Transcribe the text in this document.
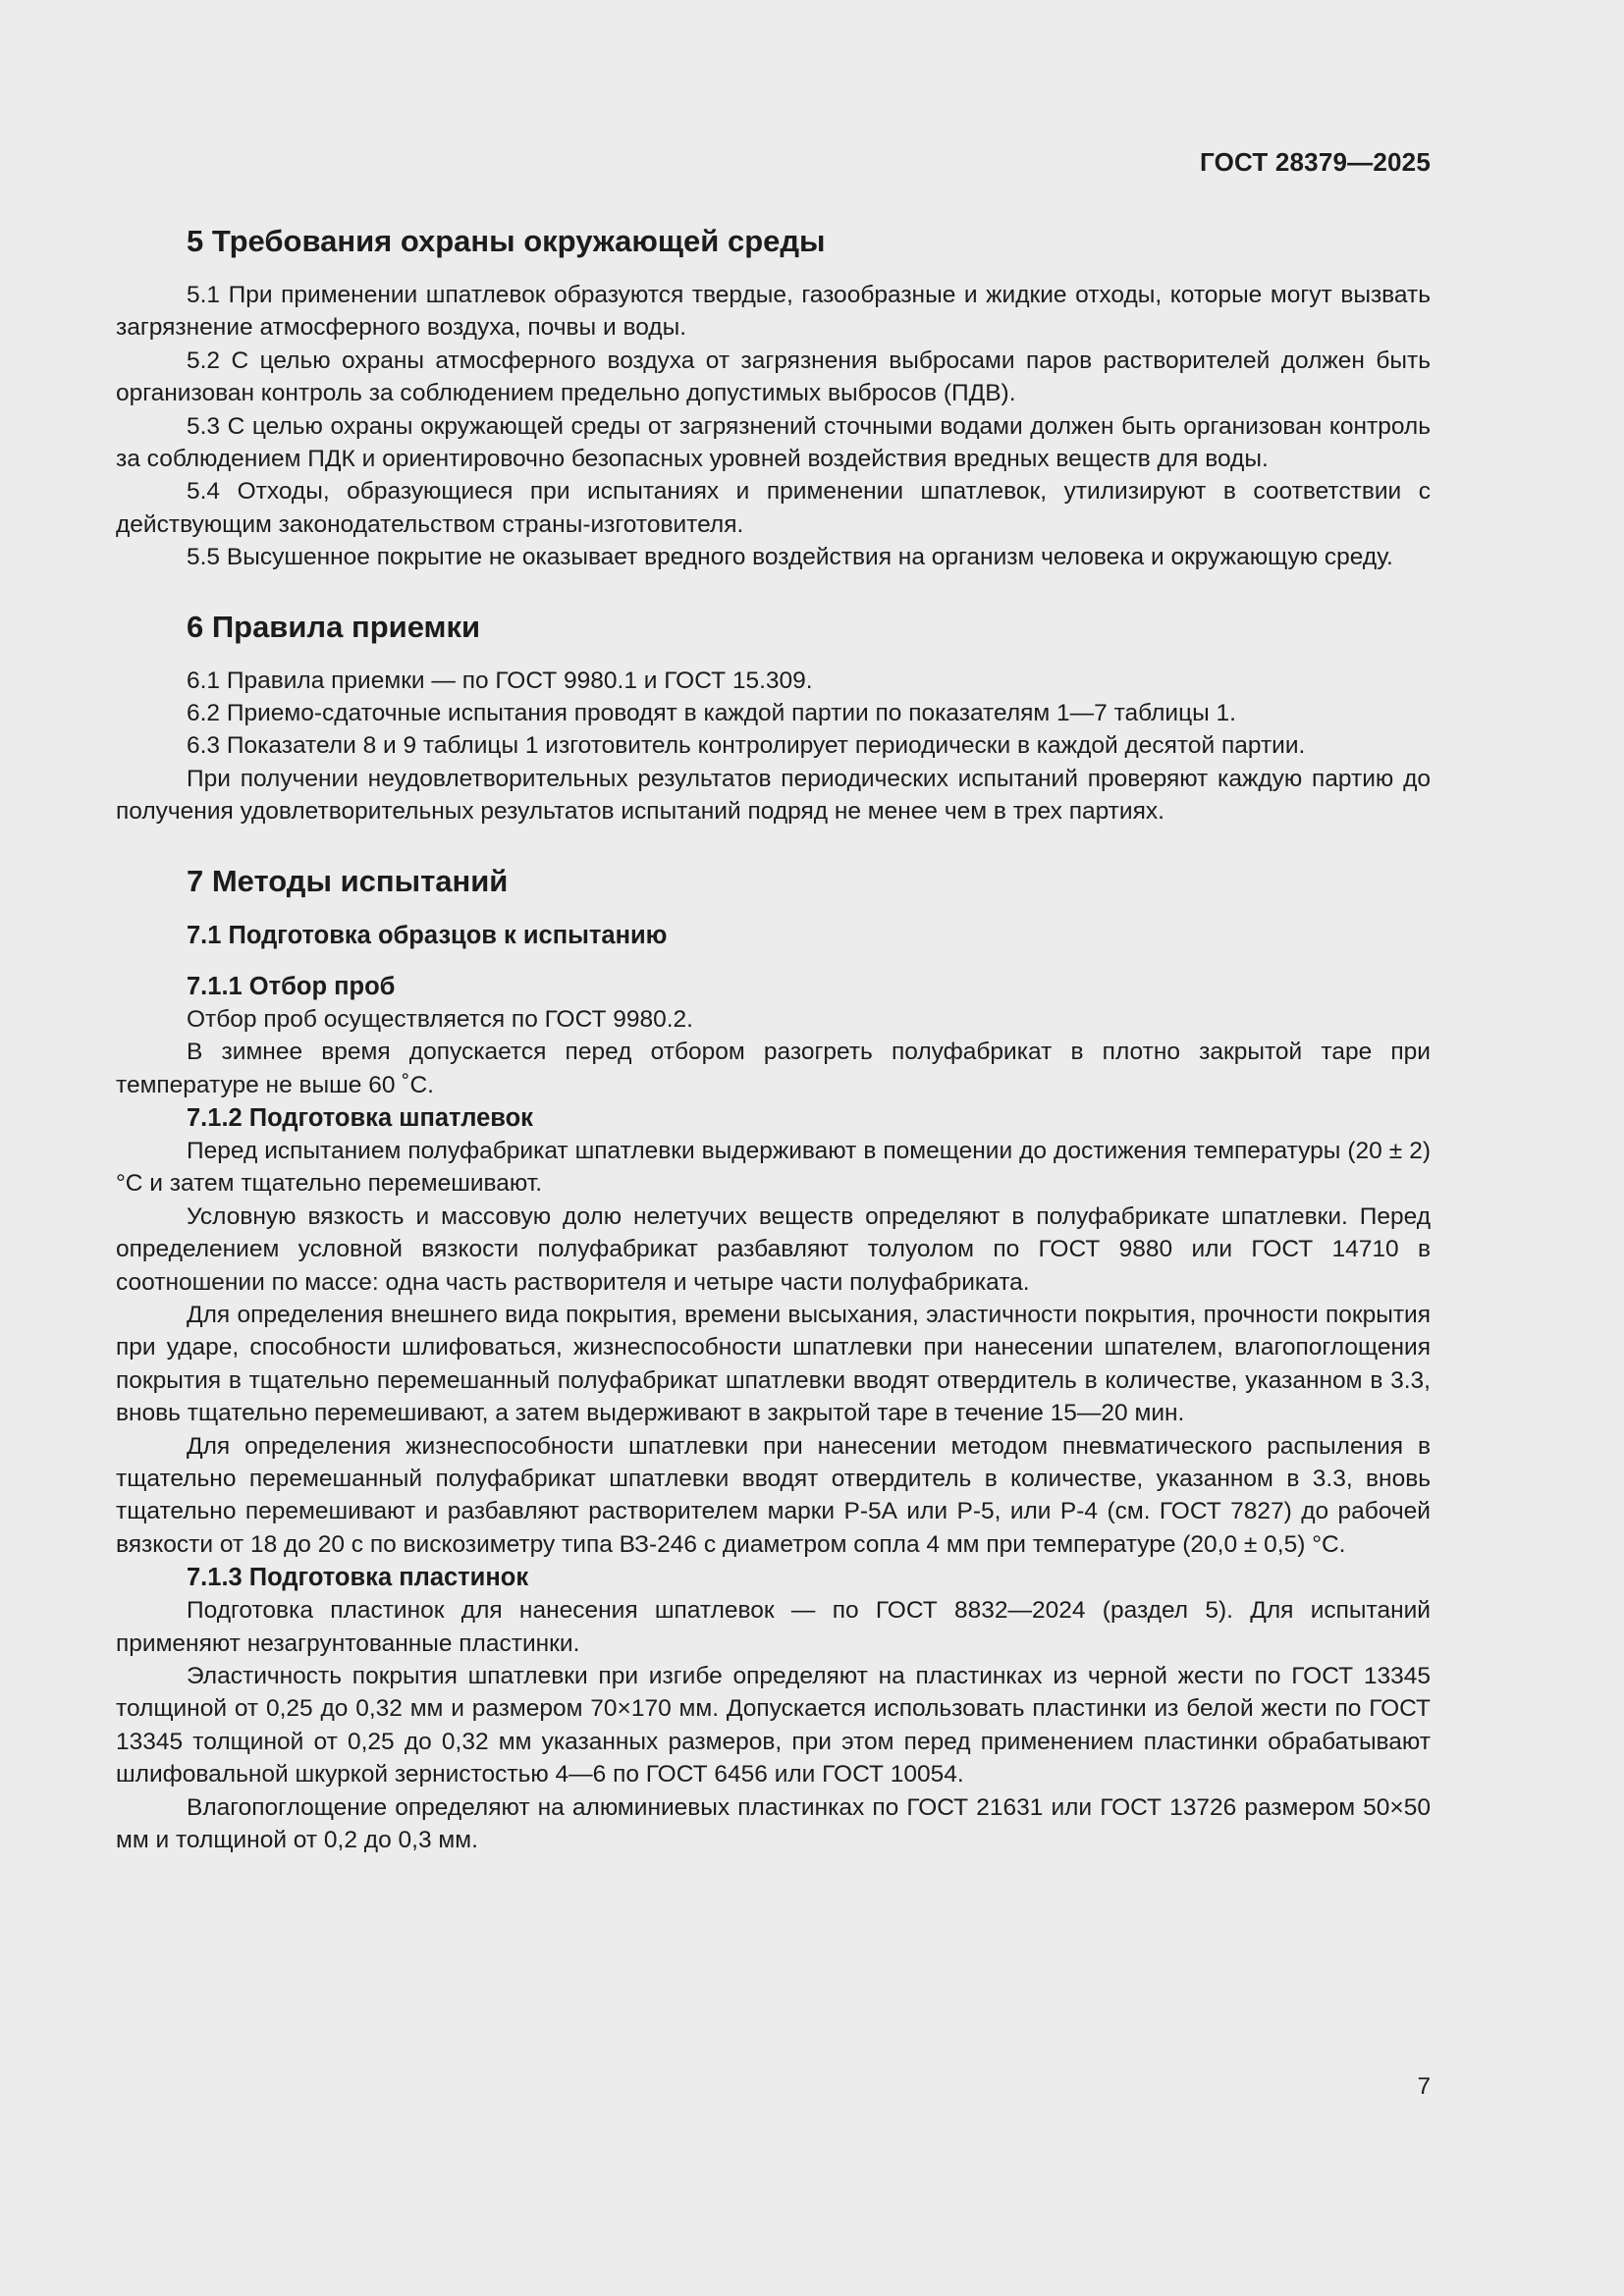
ГОСТ 28379—2025
5 Требования охраны окружающей среды

5.1 При применении шпатлевок образуются твердые, газообразные и жидкие отходы, которые могут вызвать загрязнение атмосферного воздуха, почвы и воды.

5.2 С целью охраны атмосферного воздуха от загрязнения выбросами паров растворителей должен быть организован контроль за соблюдением предельно допустимых выбросов (ПДВ).

5.3 С целью охраны окружающей среды от загрязнений сточными водами должен быть организован контроль за соблюдением ПДК и ориентировочно безопасных уровней воздействия вредных веществ для воды.

5.4 Отходы, образующиеся при испытаниях и применении шпатлевок, утилизируют в соответствии с действующим законодательством страны-изготовителя.

5.5 Высушенное покрытие не оказывает вредного воздействия на организм человека и окружающую среду.

6 Правила приемки

6.1 Правила приемки — по ГОСТ 9980.1 и ГОСТ 15.309.

6.2 Приемо-сдаточные испытания проводят в каждой партии по показателям 1—7 таблицы 1.

6.3 Показатели 8 и 9 таблицы 1 изготовитель контролирует периодически в каждой десятой партии.

При получении неудовлетворительных результатов периодических испытаний проверяют каждую партию до получения удовлетворительных результатов испытаний подряд не менее чем в трех партиях.

7 Методы испытаний
7.1 Подготовка образцов к испытанию
7.1.1 Отбор проб

Отбор проб осуществляется по ГОСТ 9980.2.

В зимнее время допускается перед отбором разогреть полуфабрикат в плотно закрытой таре при температуре не выше 60 ˚С.

7.1.2 Подготовка шпатлевок

Перед испытанием полуфабрикат шпатлевки выдерживают в помещении до достижения температуры (20 ± 2) °С и затем тщательно перемешивают.

Условную вязкость и массовую долю нелетучих веществ определяют в полуфабрикате шпатлевки. Перед определением условной вязкости полуфабрикат разбавляют толуолом по ГОСТ 9880 или ГОСТ 14710 в соотношении по массе: одна часть растворителя и четыре части полуфабриката.

Для определения внешнего вида покрытия, времени высыхания, эластичности покрытия, прочности покрытия при ударе, способности шлифоваться, жизнеспособности шпатлевки при нанесении шпателем, влагопоглощения покрытия в тщательно перемешанный полуфабрикат шпатлевки вводят отвердитель в количестве, указанном в 3.3, вновь тщательно перемешивают, а затем выдерживают в закрытой таре в течение 15—20 мин.

Для определения жизнеспособности шпатлевки при нанесении методом пневматического распыления в тщательно перемешанный полуфабрикат шпатлевки вводят отвердитель в количестве, указанном в 3.3, вновь тщательно перемешивают и разбавляют растворителем марки Р-5А или Р-5, или Р-4 (см. ГОСТ 7827) до рабочей вязкости от 18 до 20 с по вискозиметру типа ВЗ-246 с диаметром сопла 4 мм при температуре (20,0 ± 0,5) °С.

7.1.3 Подготовка пластинок

Подготовка пластинок для нанесения шпатлевок — по ГОСТ 8832—2024 (раздел 5). Для испытаний применяют незагрунтованные пластинки.

Эластичность покрытия шпатлевки при изгибе определяют на пластинках из черной жести по ГОСТ 13345 толщиной от 0,25 до 0,32 мм и размером 70×170 мм. Допускается использовать пластинки из белой жести по ГОСТ 13345 толщиной от 0,25 до 0,32 мм указанных размеров, при этом перед применением пластинки обрабатывают шлифовальной шкуркой зернистостью 4—6 по ГОСТ 6456 или ГОСТ 10054.

Влагопоглощение определяют на алюминиевых пластинках по ГОСТ 21631 или ГОСТ 13726 размером 50×50 мм и толщиной от 0,2 до 0,3 мм.

7
